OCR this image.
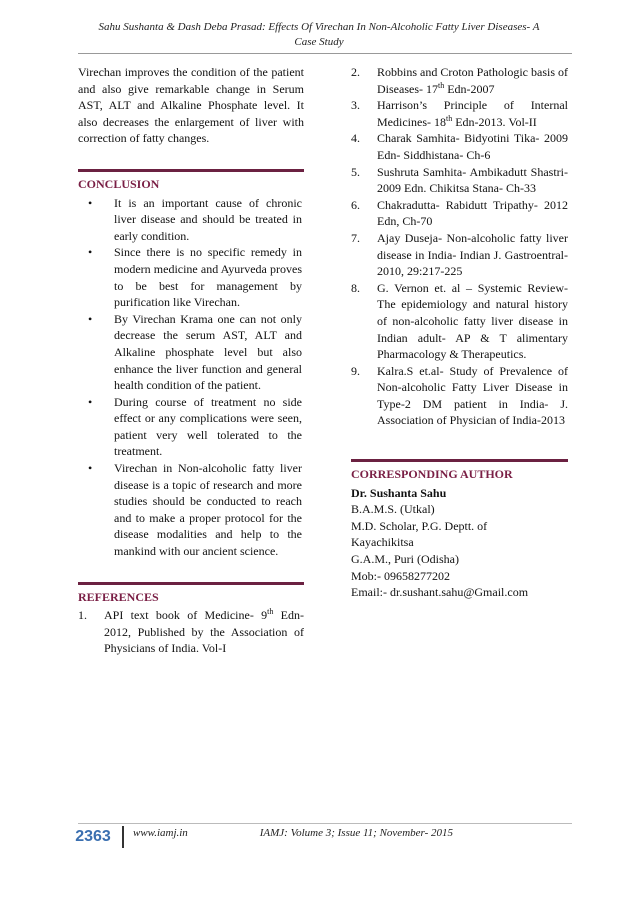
Sahu Sushanta & Dash Deba Prasad: Effects Of Virechan In Non-Alcoholic Fatty Liver Diseases- A
Case Study

Virechan improves the condition of the patient and also give remarkable change in Serum AST, ALT and Alkaline Phosphate level. It also decreases the enlargement of liver with correction of fatty changes.

CONCLUSION
• It is an important cause of chronic liver disease and should be treated in early condition.
• Since there is no specific remedy in modern medicine and Ayurveda proves to be best for management by purification like Virechan.
• By Virechan Krama one can not only decrease the serum AST, ALT and Alkaline phosphate level but also enhance the liver function and general health condition of the patient.
• During course of treatment no side effect or any complications were seen, patient very well tolerated to the treatment.
• Virechan in Non-alcoholic fatty liver disease is a topic of research and more studies should be conducted to reach and to make a proper protocol for the disease modalities and help to the mankind with our ancient science.
REFERENCES
1. API text book of Medicine- 9th Edn-2012, Published by the Association of Physicians of India. Vol-I
2. Robbins and Croton Pathologic basis of Diseases- 17th Edn-2007
3. Harrison’s Principle of Internal Medicines- 18th Edn-2013. Vol-II
4. Charak Samhita- Bidyotini Tika- 2009 Edn- Siddhistana- Ch-6
5. Sushruta Samhita- Ambikadutt Shastri- 2009 Edn. Chikitsa Stana- Ch-33
6. Chakradutta- Rabidutt Tripathy- 2012 Edn, Ch-70
7. Ajay Duseja- Non-alcoholic fatty liver disease in India- Indian J. Gastroentral-2010, 29:217-225
8. G. Vernon et. al – Systemic Review- The epidemiology and natural history of non-alcoholic fatty liver disease in Indian adult- AP & T alimentary Pharmacology & Therapeutics.
9. Kalra.S et.al- Study of Prevalence of Non-alcoholic Fatty Liver Disease in Type-2 DM patient in India- J. Association of Physician of India-2013
CORRESPONDING AUTHOR
Dr. Sushanta Sahu
B.A.M.S. (Utkal)
M.D. Scholar, P.G. Deptt. of
Kayachikitsa
G.A.M., Puri (Odisha)
Mob:- 09658277202
Email:- dr.sushant.sahu@Gmail.com
2363	www.iamj.in	IAMJ: Volume 3; Issue 11; November- 2015
